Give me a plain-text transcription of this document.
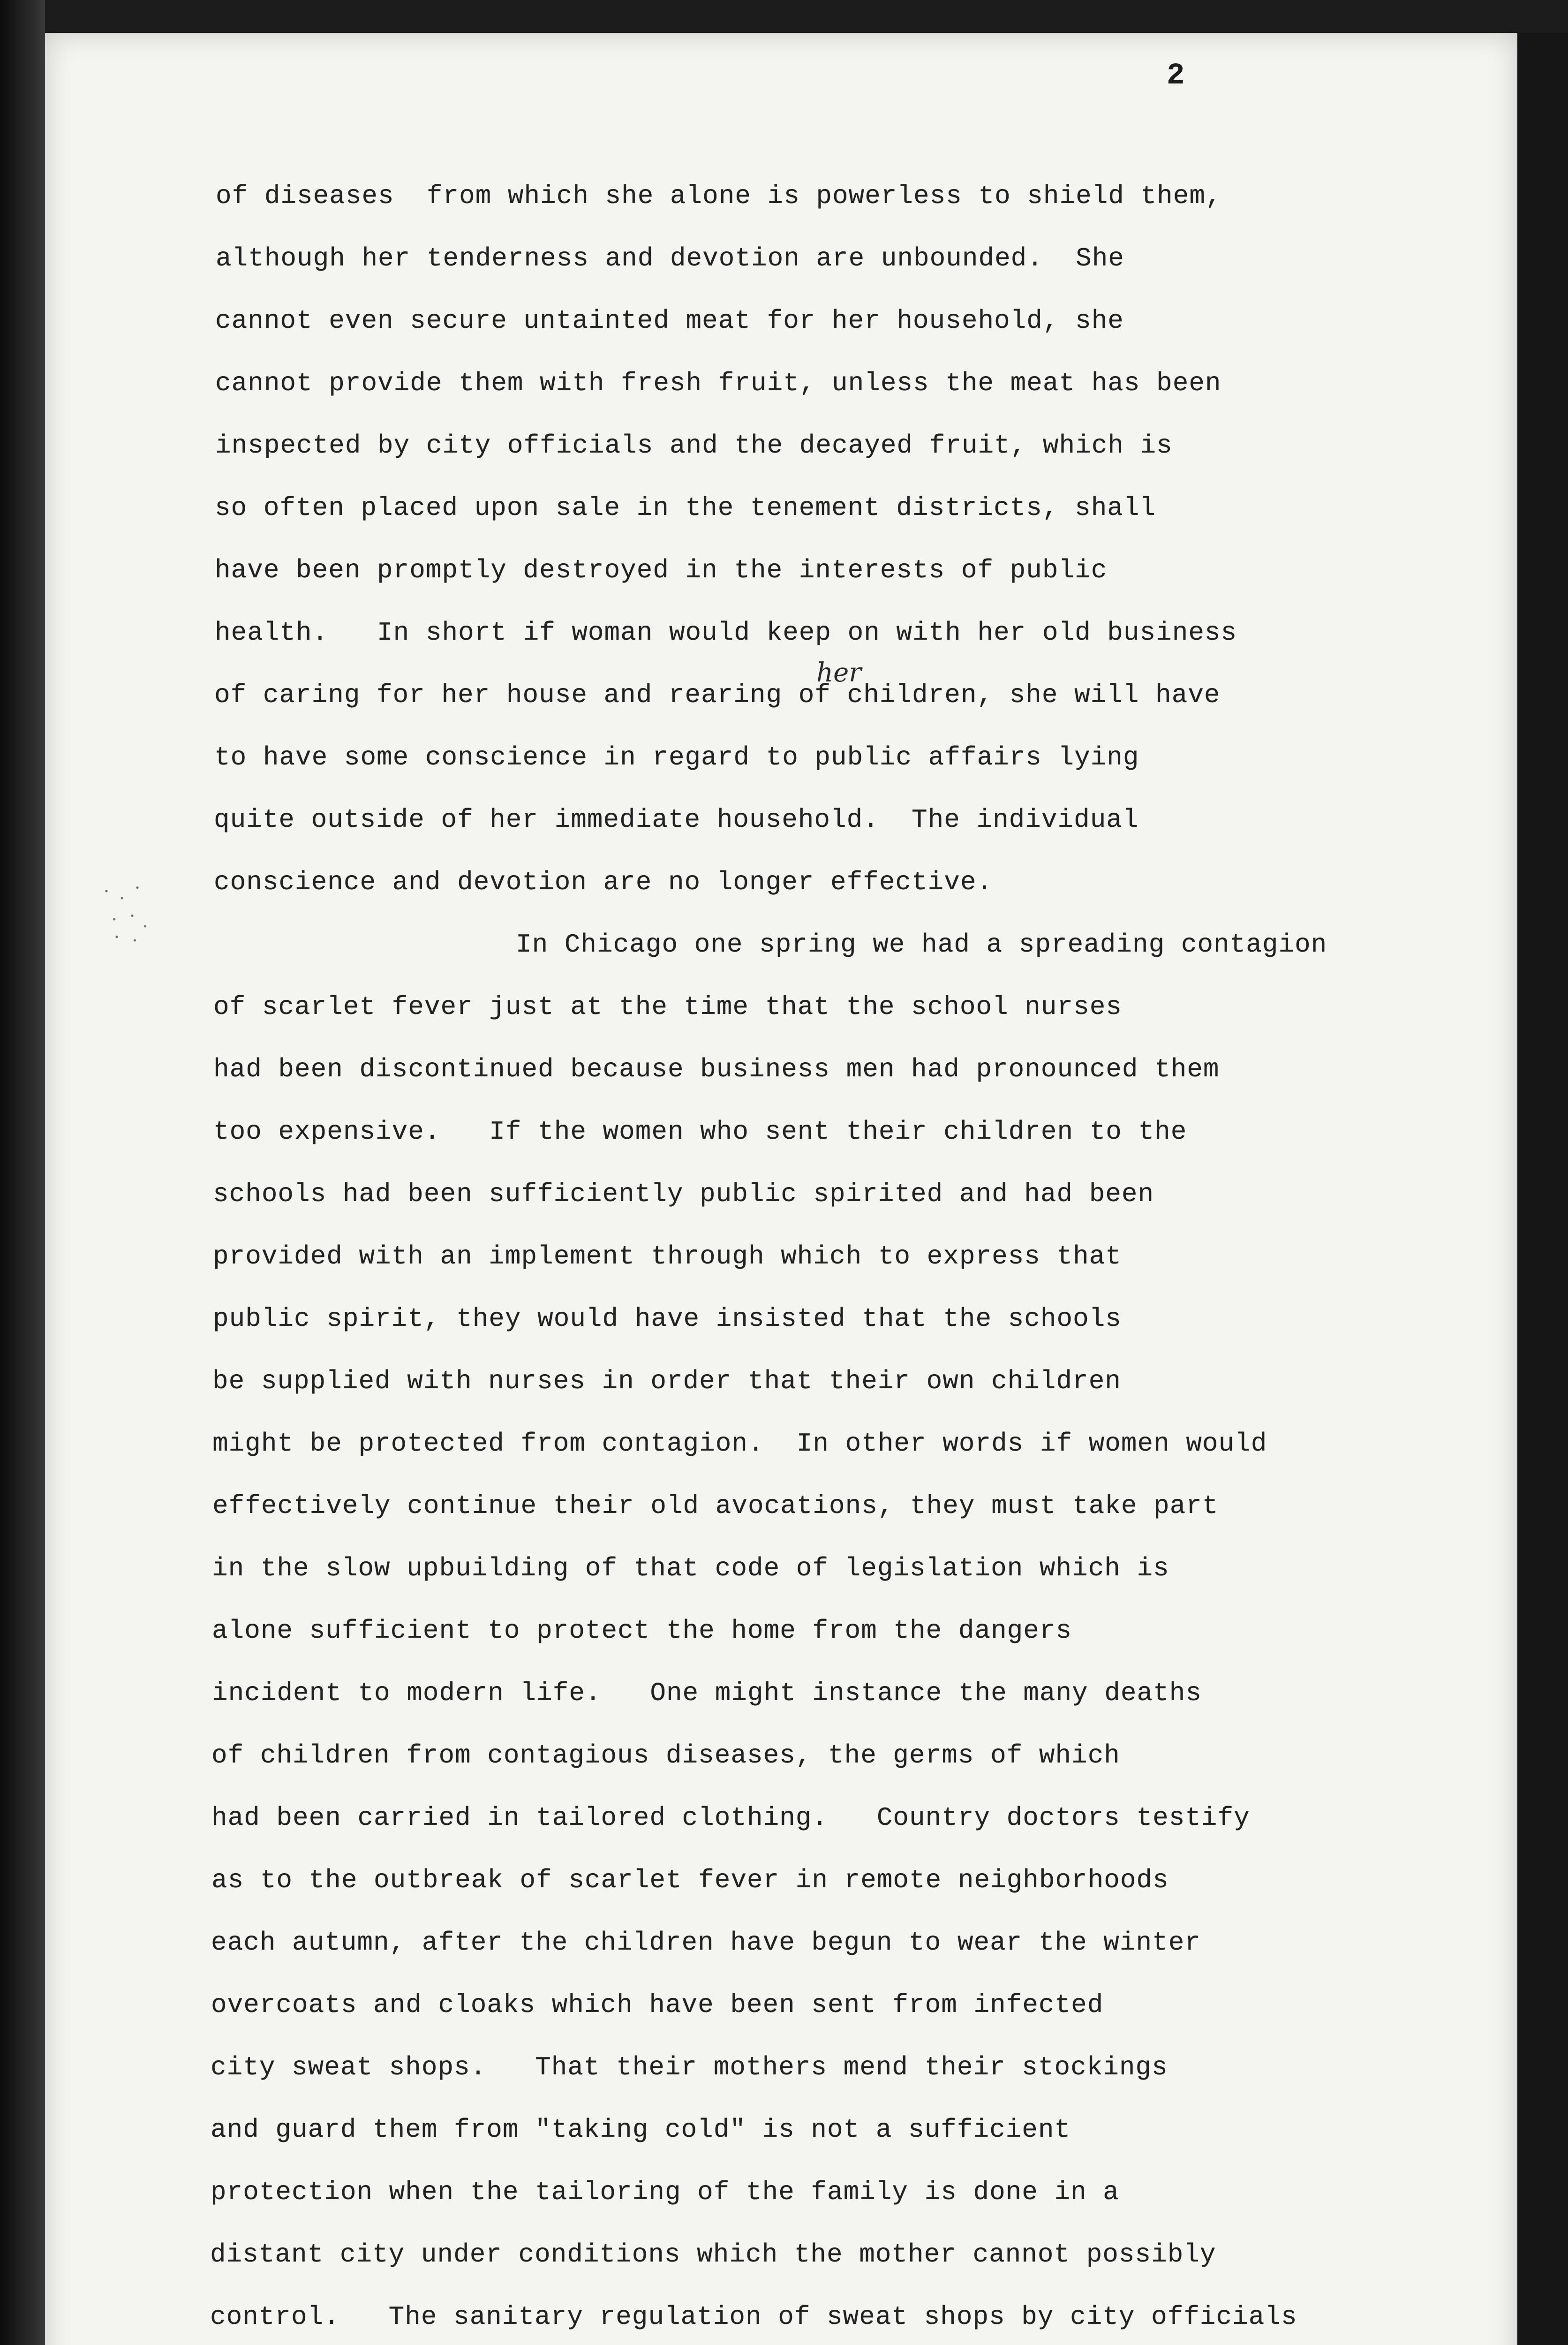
2
of diseases  from which she alone is powerless to shield them,
although her tenderness and devotion are unbounded.  She
cannot even secure untainted meat for her household, she
cannot provide them with fresh fruit, unless the meat has been
inspected by city officials and the decayed fruit, which is
so often placed upon sale in the tenement districts, shall
have been promptly destroyed in the interests of public
health.   In short if woman would keep on with her old business
of caring for her house and rearing of children, she will have
to have some conscience in regard to public affairs lying
quite outside of her immediate household.  The individual
conscience and devotion are no longer effective.
In Chicago one spring we had a spreading contagion
of scarlet fever just at the time that the school nurses
had been discontinued because business men had pronounced them
too expensive.   If the women who sent their children to the
schools had been sufficiently public spirited and had been
provided with an implement through which to express that
public spirit, they would have insisted that the schools
be supplied with nurses in order that their own children
might be protected from contagion.  In other words if women would
effectively continue their old avocations, they must take part
in the slow upbuilding of that code of legislation which is
alone sufficient to protect the home from the dangers
incident to modern life.   One might instance the many deaths
of children from contagious diseases, the germs of which
had been carried in tailored clothing.   Country doctors testify
as to the outbreak of scarlet fever in remote neighborhoods
each autumn, after the children have begun to wear the winter
overcoats and cloaks which have been sent from infected
city sweat shops.   That their mothers mend their stockings
and guard them from "taking cold" is not a sufficient
protection when the tailoring of the family is done in a
distant city under conditions which the mother cannot possibly
control.   The sanitary regulation of sweat shops by city officials
her
